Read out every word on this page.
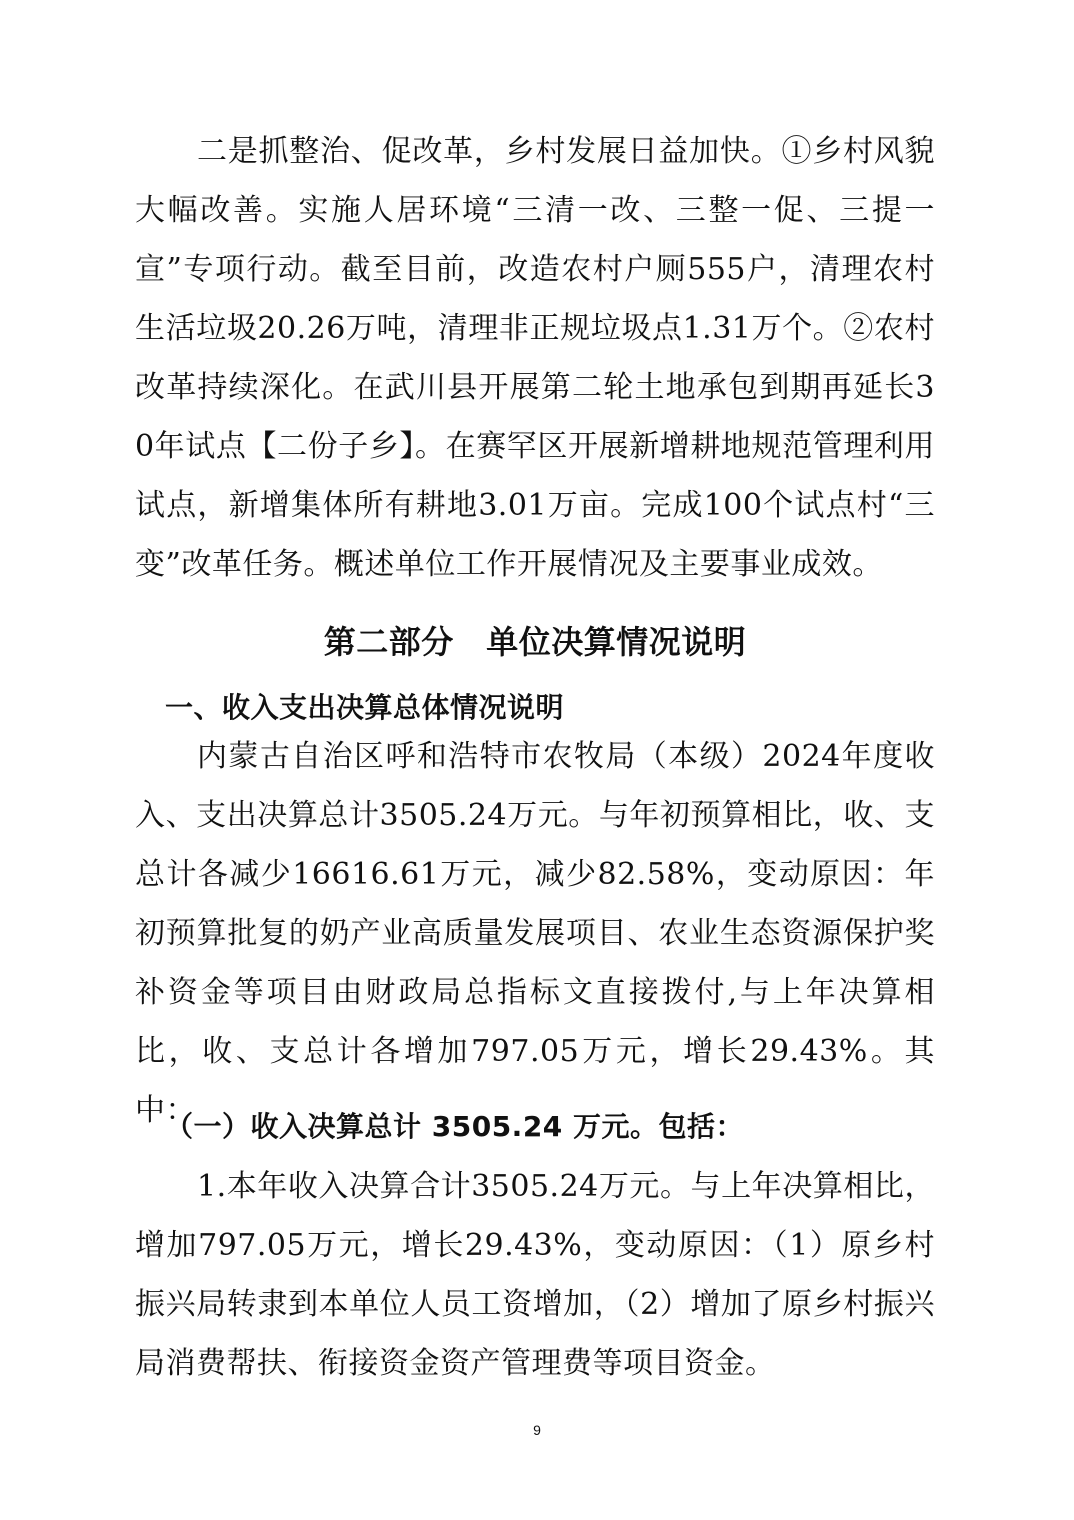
二是抓整治、促改革，乡村发展日益加快。①乡村风貌大幅改善。实施人居环境“三清一改、三整一促、三提一宣”专项行动。截至目前，改造农村户厕555户，清理农村生活垃圾20.26万吨，清理非正规垃圾点1.31万个。②农村改革持续深化。在武川县开展第二轮土地承包到期再延长30年试点【二份子乡】。在赛罕区开展新增耕地规范管理利用试点，新增集体所有耕地3.01万亩。完成100个试点村“三变”改革任务。概述单位工作开展情况及主要事业成效。

第二部分　单位决算情况说明
一、收入支出决算总体情况说明

内蒙古自治区呼和浩特市农牧局（本级）2024年度收入、支出决算总计3505.24万元。与年初预算相比，收、支总计各减少16616.61万元，减少82.58%，变动原因：年初预算批复的奶产业高质量发展项目、农业生态资源保护奖补资金等项目由财政局总指标文直接拨付,与上年决算相比，收、支总计各增加797.05万元，增长29.43%。其中：

（一）收入决算总计 3505.24 万元。包括：

1.本年收入决算合计3505.24万元。与上年决算相比，增加797.05万元，增长29.43%，变动原因：（1）原乡村振兴局转隶到本单位人员工资增加，（2）增加了原乡村振兴局消费帮扶、衔接资金资产管理费等项目资金。

9
